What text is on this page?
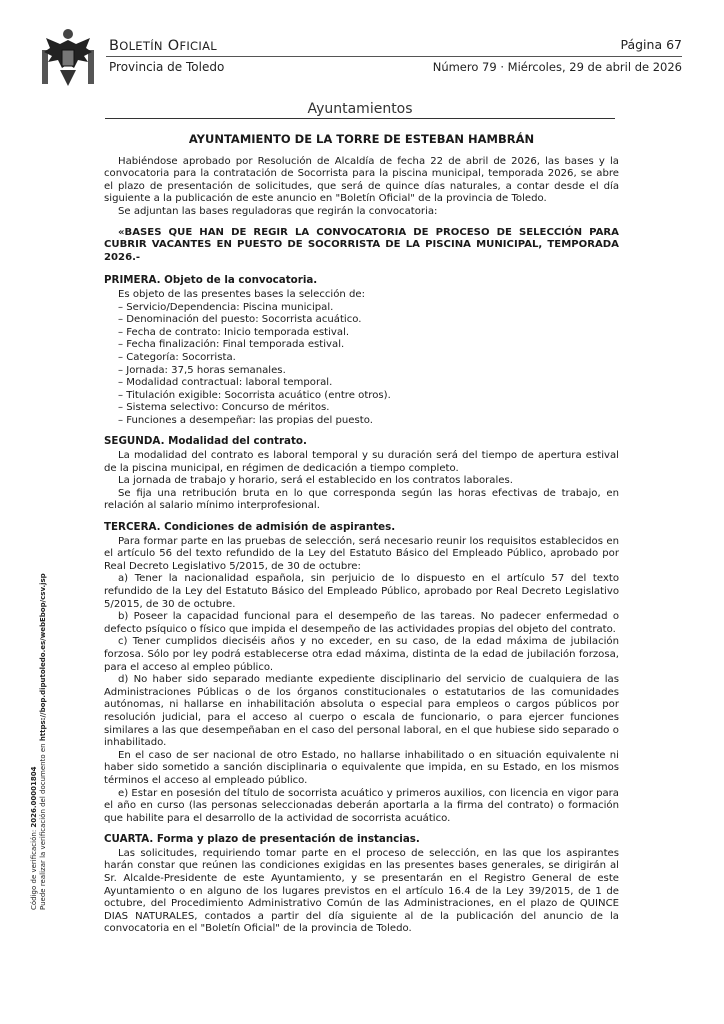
BOLETÍN OFICIAL
Provincia de Toledo
Página 67
Número 79 · Miércoles, 29 de abril de 2026
Ayuntamientos
Código de verificación: 2026.00001804 Puede realizar la verificación del documento en https://bop.diputoledo.es/webEbop/csv.jsp
AYUNTAMIENTO DE LA TORRE DE ESTEBAN HAMBRÁN

Habiéndose aprobado por Resolución de Alcaldía de fecha 22 de abril de 2026, las bases y la convocatoria para la contratación de Socorrista para la piscina municipal, temporada 2026, se abre el plazo de presentación de solicitudes, que será de quince días naturales, a contar desde el día siguiente a la publicación de este anuncio en "Boletín Oficial" de la provincia de Toledo.

Se adjuntan las bases reguladoras que regirán la convocatoria:

«BASES QUE HAN DE REGIR LA CONVOCATORIA DE PROCESO DE SELECCIÓN PARA CUBRIR VACANTES EN PUESTO DE SOCORRISTA DE LA PISCINA MUNICIPAL, TEMPORADA 2026.-
PRIMERA. Objeto de la convocatoria.
Es objeto de las presentes bases la selección de:
– Servicio/Dependencia: Piscina municipal.
– Denominación del puesto: Socorrista acuático.
– Fecha de contrato: Inicio temporada estival.
– Fecha finalización: Final temporada estival.
– Categoría: Socorrista.
– Jornada: 37,5 horas semanales.
– Modalidad contractual: laboral temporal.
– Titulación exigible: Socorrista acuático (entre otros).
– Sistema selectivo: Concurso de méritos.
– Funciones a desempeñar: las propias del puesto.
SEGUNDA. Modalidad del contrato.

La modalidad del contrato es laboral temporal y su duración será del tiempo de apertura estival de la piscina municipal, en régimen de dedicación a tiempo completo.

La jornada de trabajo y horario, será el establecido en los contratos laborales.

Se fija una retribución bruta en lo que corresponda según las horas efectivas de trabajo, en relación al salario mínimo interprofesional.

TERCERA. Condiciones de admisión de aspirantes.

Para formar parte en las pruebas de selección, será necesario reunir los requisitos establecidos en el artículo 56 del texto refundido de la Ley del Estatuto Básico del Empleado Público, aprobado por Real Decreto Legislativo 5/2015, de 30 de octubre:

a) Tener la nacionalidad española, sin perjuicio de lo dispuesto en el artículo 57 del texto refundido de la Ley del Estatuto Básico del Empleado Público, aprobado por Real Decreto Legislativo 5/2015, de 30 de octubre.

b) Poseer la capacidad funcional para el desempeño de las tareas. No padecer enfermedad o defecto psíquico o físico que impida el desempeño de las actividades propias del objeto del contrato.

c) Tener cumplidos dieciséis años y no exceder, en su caso, de la edad máxima de jubilación forzosa. Sólo por ley podrá establecerse otra edad máxima, distinta de la edad de jubilación forzosa, para el acceso al empleo público.

d) No haber sido separado mediante expediente disciplinario del servicio de cualquiera de las Administraciones Públicas o de los órganos constitucionales o estatutarios de las comunidades autónomas, ni hallarse en inhabilitación absoluta o especial para empleos o cargos públicos por resolución judicial, para el acceso al cuerpo o escala de funcionario, o para ejercer funciones similares a las que desempeñaban en el caso del personal laboral, en el que hubiese sido separado o inhabilitado.

En el caso de ser nacional de otro Estado, no hallarse inhabilitado o en situación equivalente ni haber sido sometido a sanción disciplinaria o equivalente que impida, en su Estado, en los mismos términos el acceso al empleado público.

e) Estar en posesión del título de socorrista acuático y primeros auxilios, con licencia en vigor para el año en curso (las personas seleccionadas deberán aportarla a la firma del contrato) o formación que habilite para el desarrollo de la actividad de socorrista acuático.

CUARTA. Forma y plazo de presentación de instancias.

Las solicitudes, requiriendo tomar parte en el proceso de selección, en las que los aspirantes harán constar que reúnen las condiciones exigidas en las presentes bases generales, se dirigirán al Sr. Alcalde-Presidente de este Ayuntamiento, y se presentarán en el Registro General de este Ayuntamiento o en alguno de los lugares previstos en el artículo 16.4 de la Ley 39/2015, de 1 de octubre, del Procedimiento Administrativo Común de las Administraciones, en el plazo de QUINCE DIAS NATURALES, contados a partir del día siguiente al de la publicación del anuncio de la convocatoria en el "Boletín Oficial" de la provincia de Toledo.
